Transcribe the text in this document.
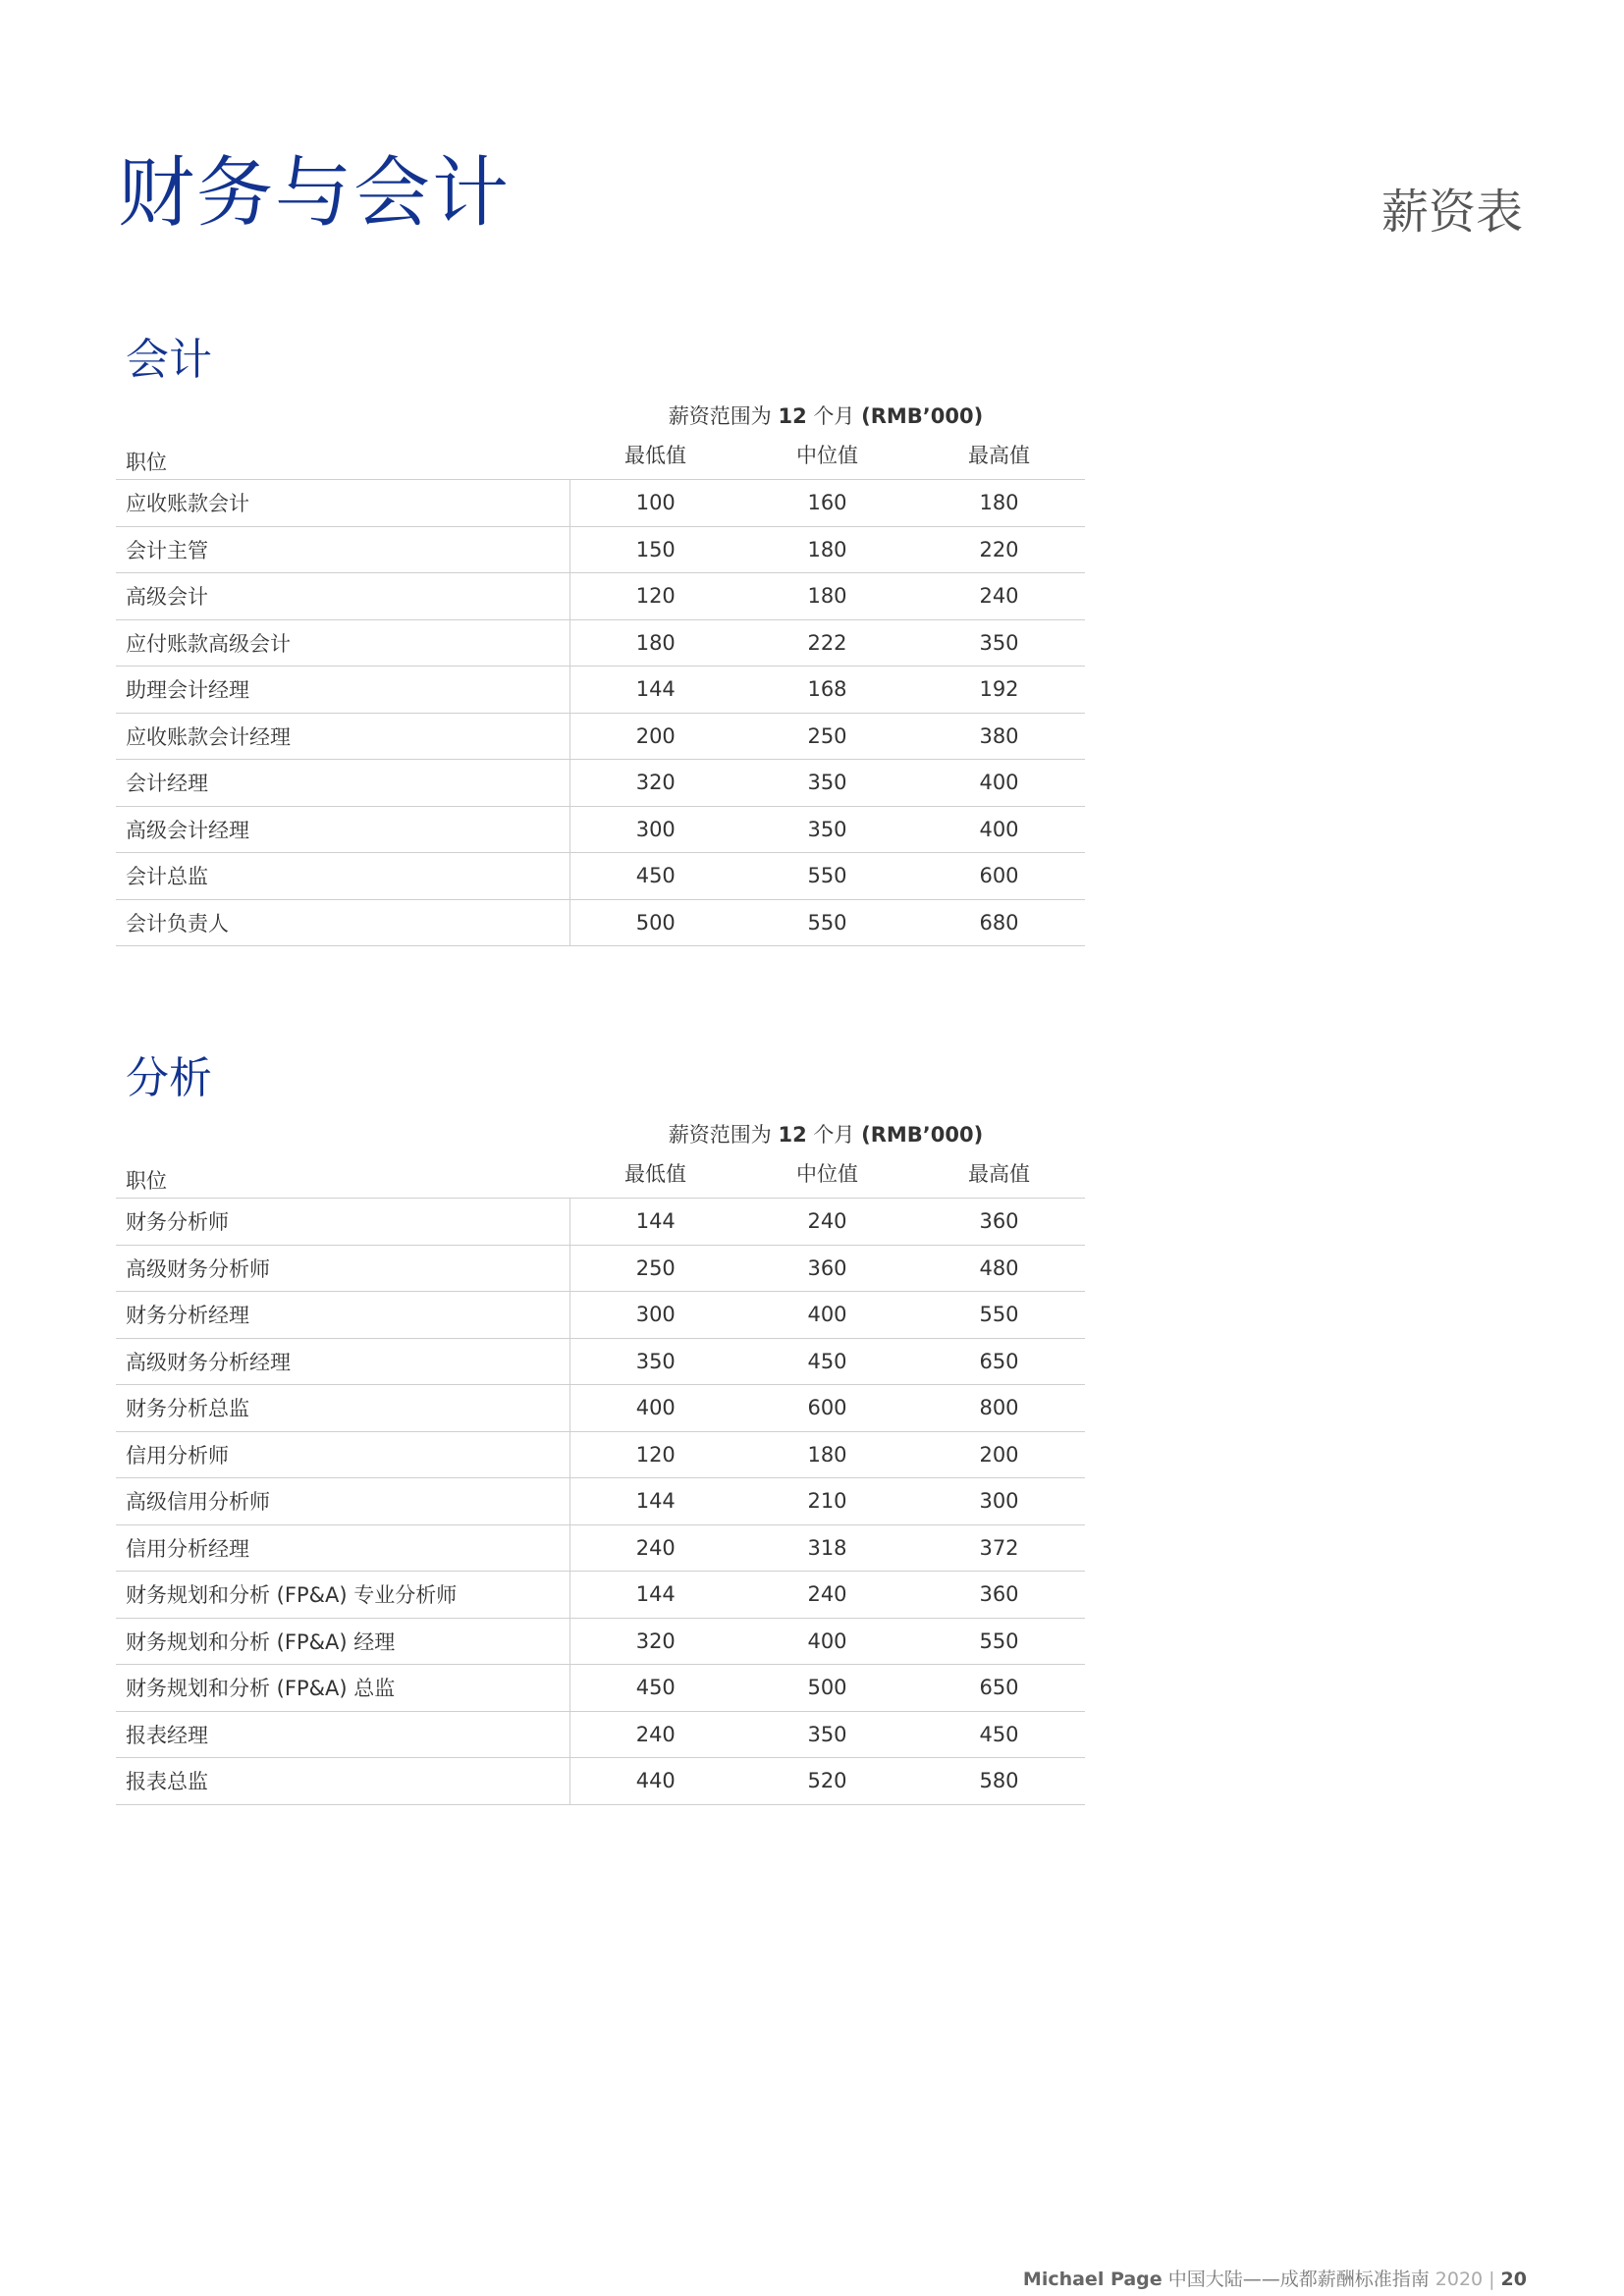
财务与会计	薪资表
会计
薪资范围为 12 个月 (RMB’000)
职位	最低值	中位值	最高值
应收账款会计	100	160	180
会计主管	150	180	220
高级会计	120	180	240
应付账款高级会计	180	222	350
助理会计经理	144	168	192
应收账款会计经理	200	250	380
会计经理	320	350	400
高级会计经理	300	350	400
会计总监	450	550	600
会计负责人	500	550	680
分析
薪资范围为 12 个月 (RMB’000)
职位	最低值	中位值	最高值
财务分析师	144	240	360
高级财务分析师	250	360	480
财务分析经理	300	400	550
高级财务分析经理	350	450	650
财务分析总监	400	600	800
信用分析师	120	180	200
高级信用分析师	144	210	300
信用分析经理	240	318	372
财务规划和分析 (FP&A) 专业分析师	144	240	360
财务规划和分析 (FP&A) 经理	320	400	550
财务规划和分析 (FP&A) 总监	450	500	650
报表经理	240	350	450
报表总监	440	520	580
Michael Page 中国大陆——成都薪酬标准指南 2020 | 20
